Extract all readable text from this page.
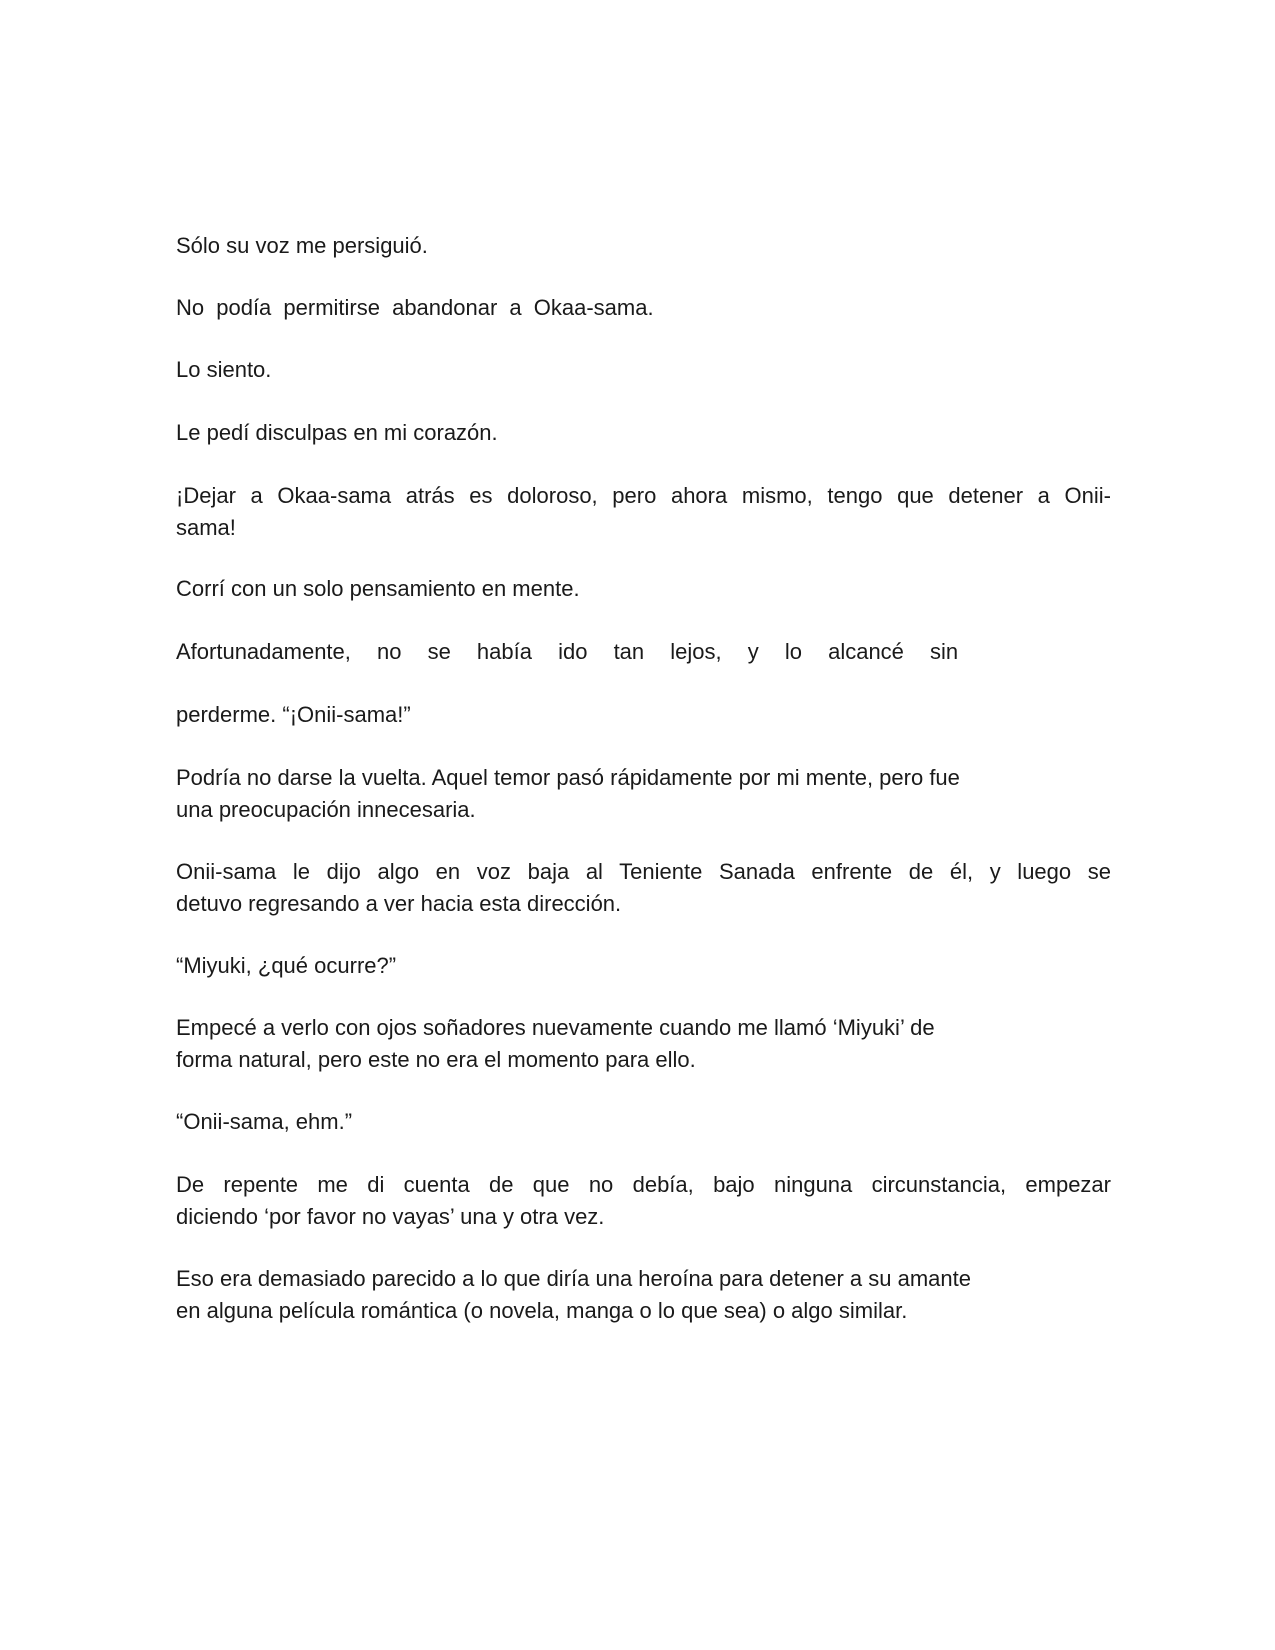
Sólo su voz me persiguió.

No podía permitirse abandonar a Okaa-sama.

Lo siento.

Le pedí disculpas en mi corazón.

¡Dejar a Okaa-sama atrás es doloroso, pero ahora mismo, tengo que detener a Onii-
sama!

Corrí con un solo pensamiento en mente.

Afortunadamente, no se había ido tan lejos, y lo alcancé sin

perderme. “¡Onii-sama!”

Podría no darse la vuelta. Aquel temor pasó rápidamente por mi mente, pero fue
una preocupación innecesaria.

Onii-sama le dijo algo en voz baja al Teniente Sanada enfrente de él, y luego se
detuvo regresando a ver hacia esta dirección.

“Miyuki, ¿qué ocurre?”

Empecé a verlo con ojos soñadores nuevamente cuando me llamó ‘Miyuki’ de
forma natural, pero este no era el momento para ello.

“Onii-sama, ehm.”

De repente me di cuenta de que no debía, bajo ninguna circunstancia, empezar
diciendo ‘por favor no vayas’ una y otra vez.

Eso era demasiado parecido a lo que diría una heroína para detener a su amante
en alguna película romántica (o novela, manga o lo que sea) o algo similar.
